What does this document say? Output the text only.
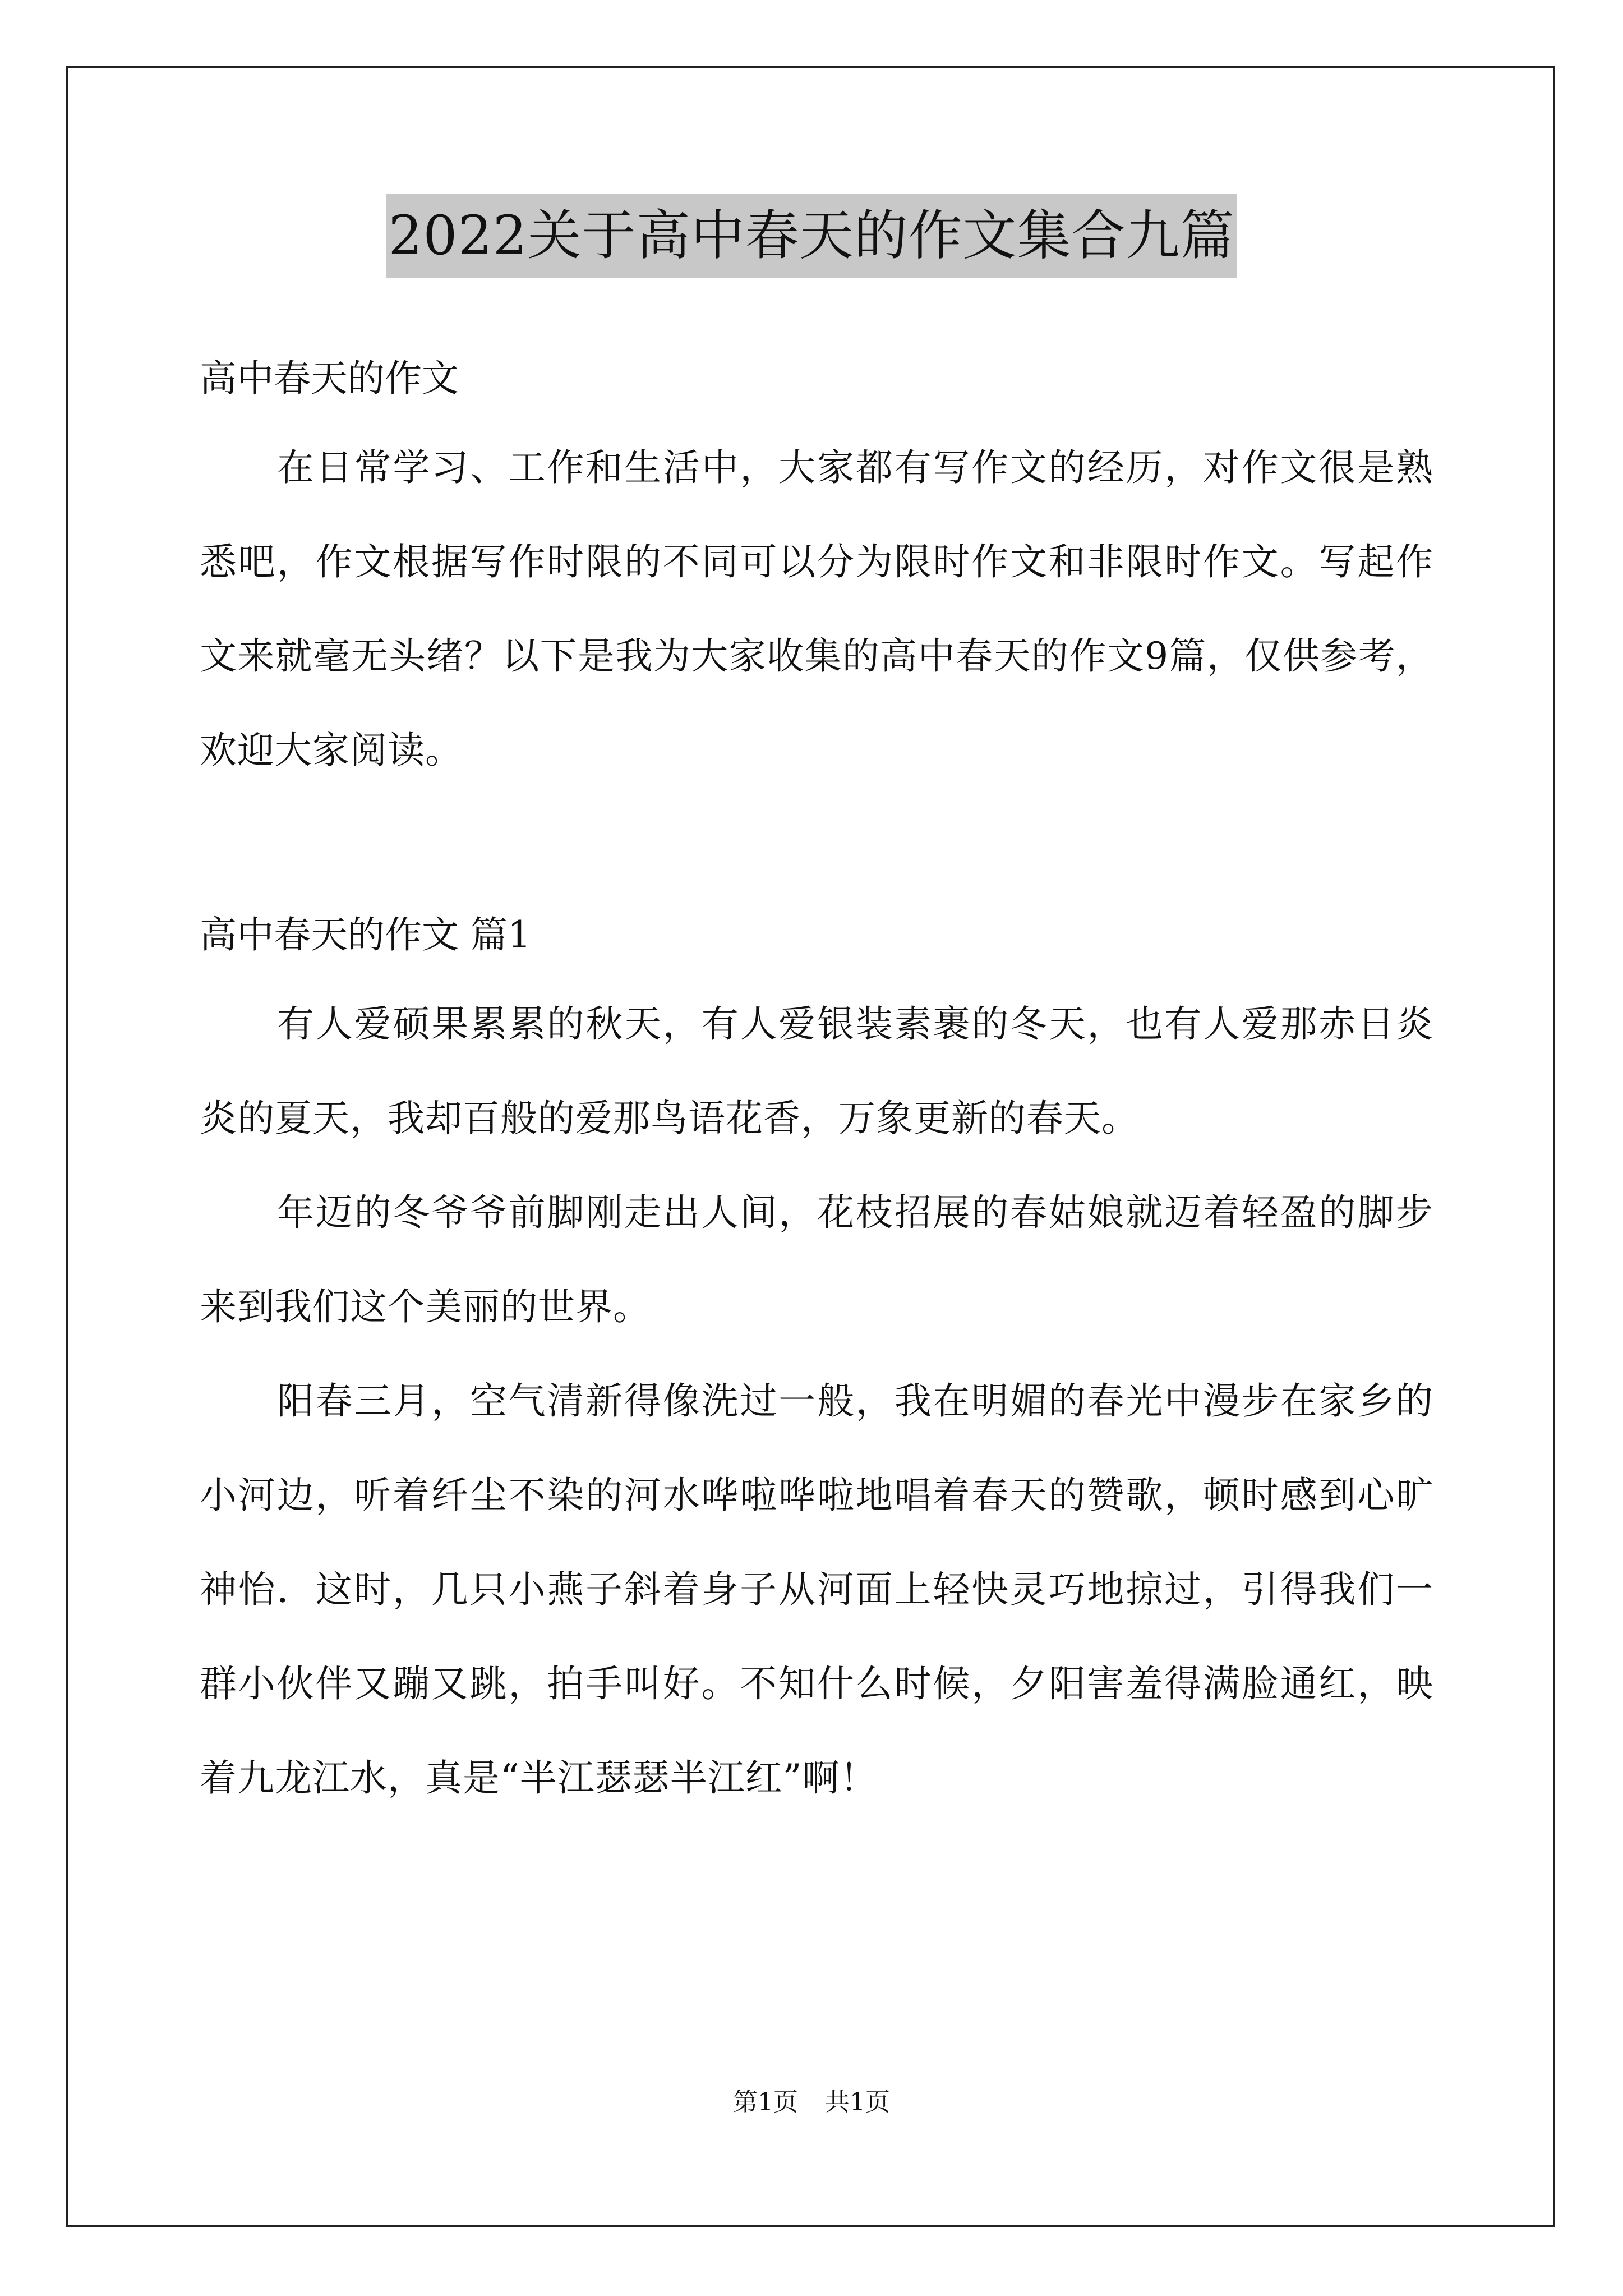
2022关于高中春天的作文集合九篇

高中春天的作文

在日常学习、工作和生活中，大家都有写作文的经历，对作文很是熟悉吧，作文根据写作时限的不同可以分为限时作文和非限时作文。写起作文来就毫无头绪？以下是我为大家收集的高中春天的作文9篇，仅供参考，欢迎大家阅读。

高中春天的作文 篇1

有人爱硕果累累的秋天，有人爱银装素裹的冬天，也有人爱那赤日炎炎的夏天，我却百般的爱那鸟语花香，万象更新的春天。

年迈的冬爷爷前脚刚走出人间，花枝招展的春姑娘就迈着轻盈的脚步来到我们这个美丽的世界。

阳春三月，空气清新得像洗过一般，我在明媚的春光中漫步在家乡的小河边，听着纤尘不染的河水哗啦哗啦地唱着春天的赞歌，顿时感到心旷神怡．这时，几只小燕子斜着身子从河面上轻快灵巧地掠过，引得我们一群小伙伴又蹦又跳，拍手叫好。不知什么时候，夕阳害羞得满脸通红，映着九龙江水，真是“半江瑟瑟半江红”啊！

第1页 共1页
